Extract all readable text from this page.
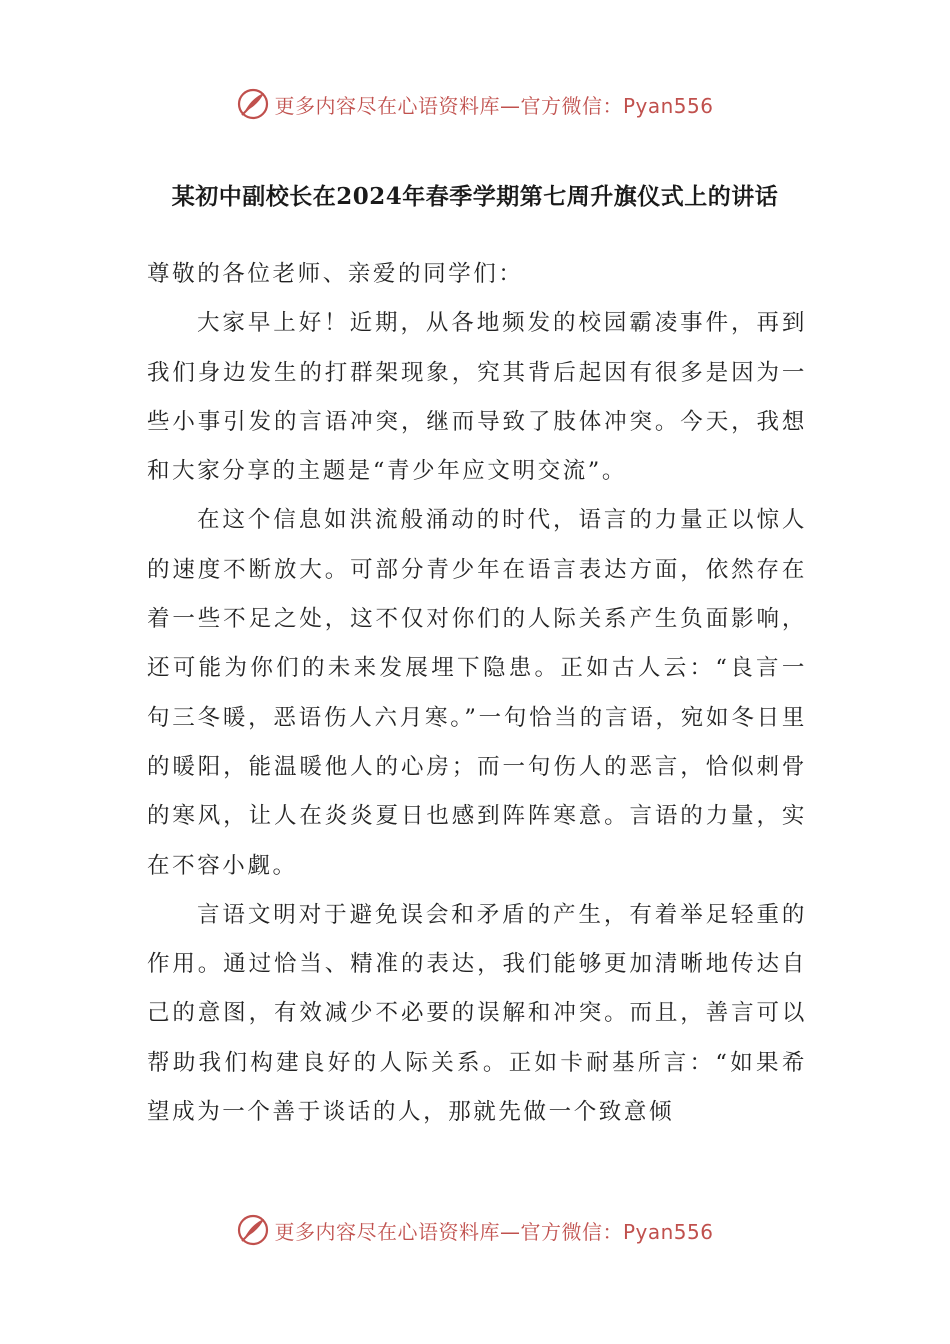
更多内容尽在心语资料库—官方微信：Pyan556
某初中副校长在2024年春季学期第七周升旗仪式上的讲话

尊敬的各位老师、亲爱的同学们：

大家早上好！近期，从各地频发的校园霸凌事件，再到我们身边发生的打群架现象，究其背后起因有很多是因为一些小事引发的言语冲突，继而导致了肢体冲突。今天，我想和大家分享的主题是“青少年应文明交流”。

在这个信息如洪流般涌动的时代，语言的力量正以惊人的速度不断放大。可部分青少年在语言表达方面，依然存在着一些不足之处，这不仅对你们的人际关系产生负面影响，还可能为你们的未来发展埋下隐患。正如古人云：“良言一句三冬暖，恶语伤人六月寒。”一句恰当的言语，宛如冬日里的暖阳，能温暖他人的心房；而一句伤人的恶言，恰似刺骨的寒风，让人在炎炎夏日也感到阵阵寒意。言语的力量，实在不容小觑。

言语文明对于避免误会和矛盾的产生，有着举足轻重的作用。通过恰当、精准的表达，我们能够更加清晰地传达自己的意图，有效减少不必要的误解和冲突。而且，善言可以帮助我们构建良好的人际关系。正如卡耐基所言：“如果希望成为一个善于谈话的人，那就先做一个致意倾

更多内容尽在心语资料库—官方微信：Pyan556
